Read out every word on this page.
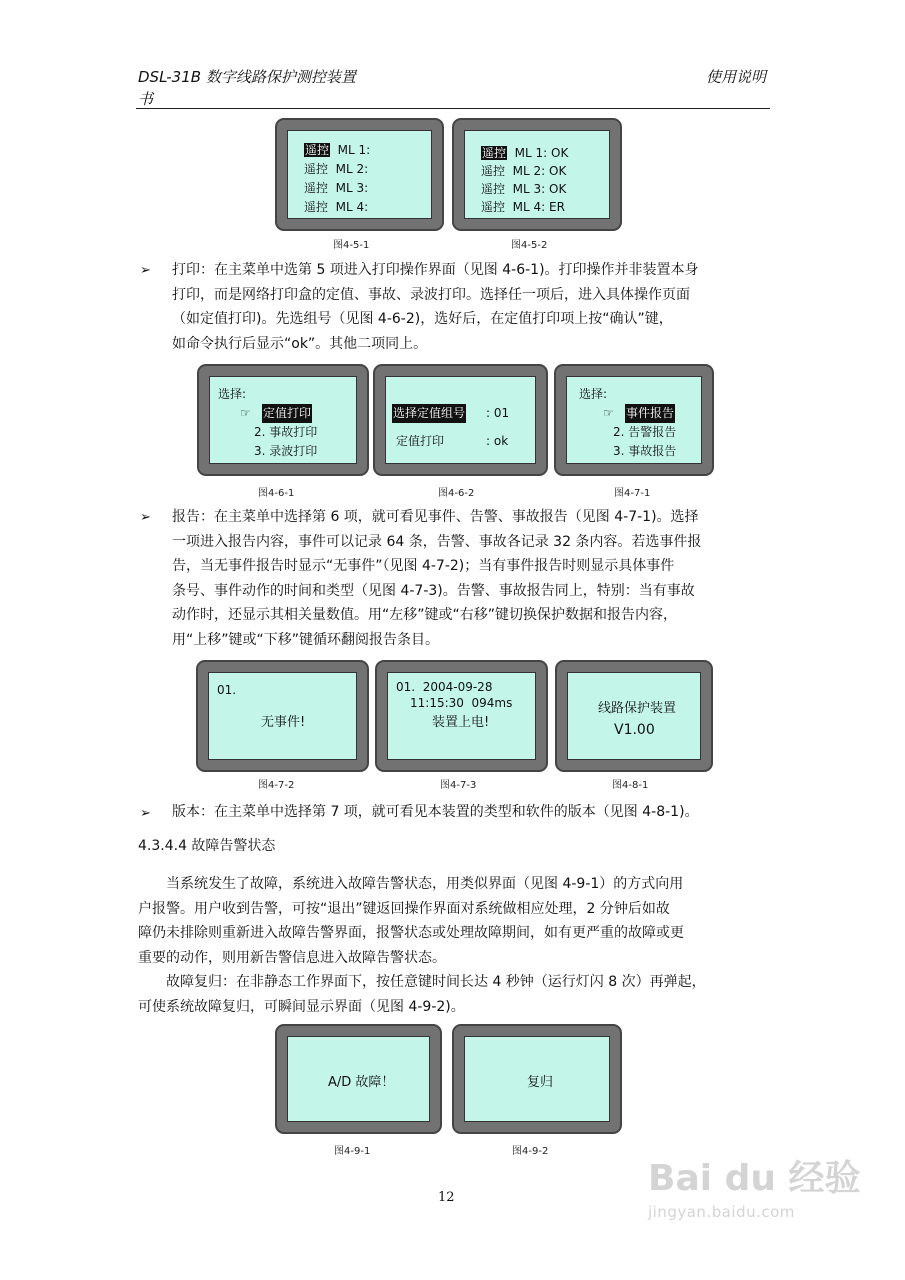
DSL-31B 数字线路保护测控装置
书
使用说明
遥控 ML 1:
遥控 ML 2:
遥控 ML 3:
遥控 ML 4:
图4-5-1
遥控 ML 1: OK
遥控 ML 2: OK
遥控 ML 3: OK
遥控 ML 4: ER
图4-5-2
➢ 打印：在主菜单中选第 5 项进入打印操作界面（见图 4-6-1)。打印操作并非装置本身
打印，而是网络打印盒的定值、事故、录波打印。选择任一项后，进入具体操作页面
（如定值打印)。先选组号（见图 4-6-2)，选好后，在定值打印项上按“确认”键，
如命令执行后显示“ok”。其他二项同上。
选择:
☞ 定值打印
2. 事故打印
3. 录波打印
图4-6-1
选择定值组号 : 01
定值打印	: ok
图4-6-2
选择:
☞ 事件报告
2. 告警报告
3. 事故报告
图4-7-1
➢ 报告：在主菜单中选择第 6 项，就可看见事件、告警、事故报告（见图 4-7-1)。选择
一项进入报告内容，事件可以记录 64 条，告警、事故各记录 32 条内容。若选事件报
告，当无事件报告时显示“无事件”（见图 4-7-2)；当有事件报告时则显示具体事件
条号、事件动作的时间和类型（见图 4-7-3)。告警、事故报告同上，特别：当有事故
动作时，还显示其相关量数值。用“左移”键或“右移”键切换保护数据和报告内容，
用“上移”键或“下移”键循环翻阅报告条目。
01.
无事件!
图4-7-2
01.  2004-09-28
11:15:30  094ms
装置上电!
图4-7-3
线路保护装置
V1.00
图4-8-1
➢ 版本：在主菜单中选择第 7 项，就可看见本装置的类型和软件的版本（见图 4-8-1)。
4.3.4.4 故障告警状态
当系统发生了故障，系统进入故障告警状态，用类似界面（见图 4-9-1）的方式向用
户报警。用户收到告警，可按“退出”键返回操作界面对系统做相应处理，2 分钟后如故
障仍未排除则重新进入故障告警界面，报警状态或处理故障期间，如有更严重的故障或更
重要的动作，则用新告警信息进入故障告警状态。
故障复归：在非静态工作界面下，按任意键时间长达 4 秒钟（运行灯闪 8 次）再弹起，
可使系统故障复归，可瞬间显示界面（见图 4-9-2)。
A/D 故障！
图4-9-1
复归
图4-9-2
12	Bai du 经验
jingyan.baidu.com
